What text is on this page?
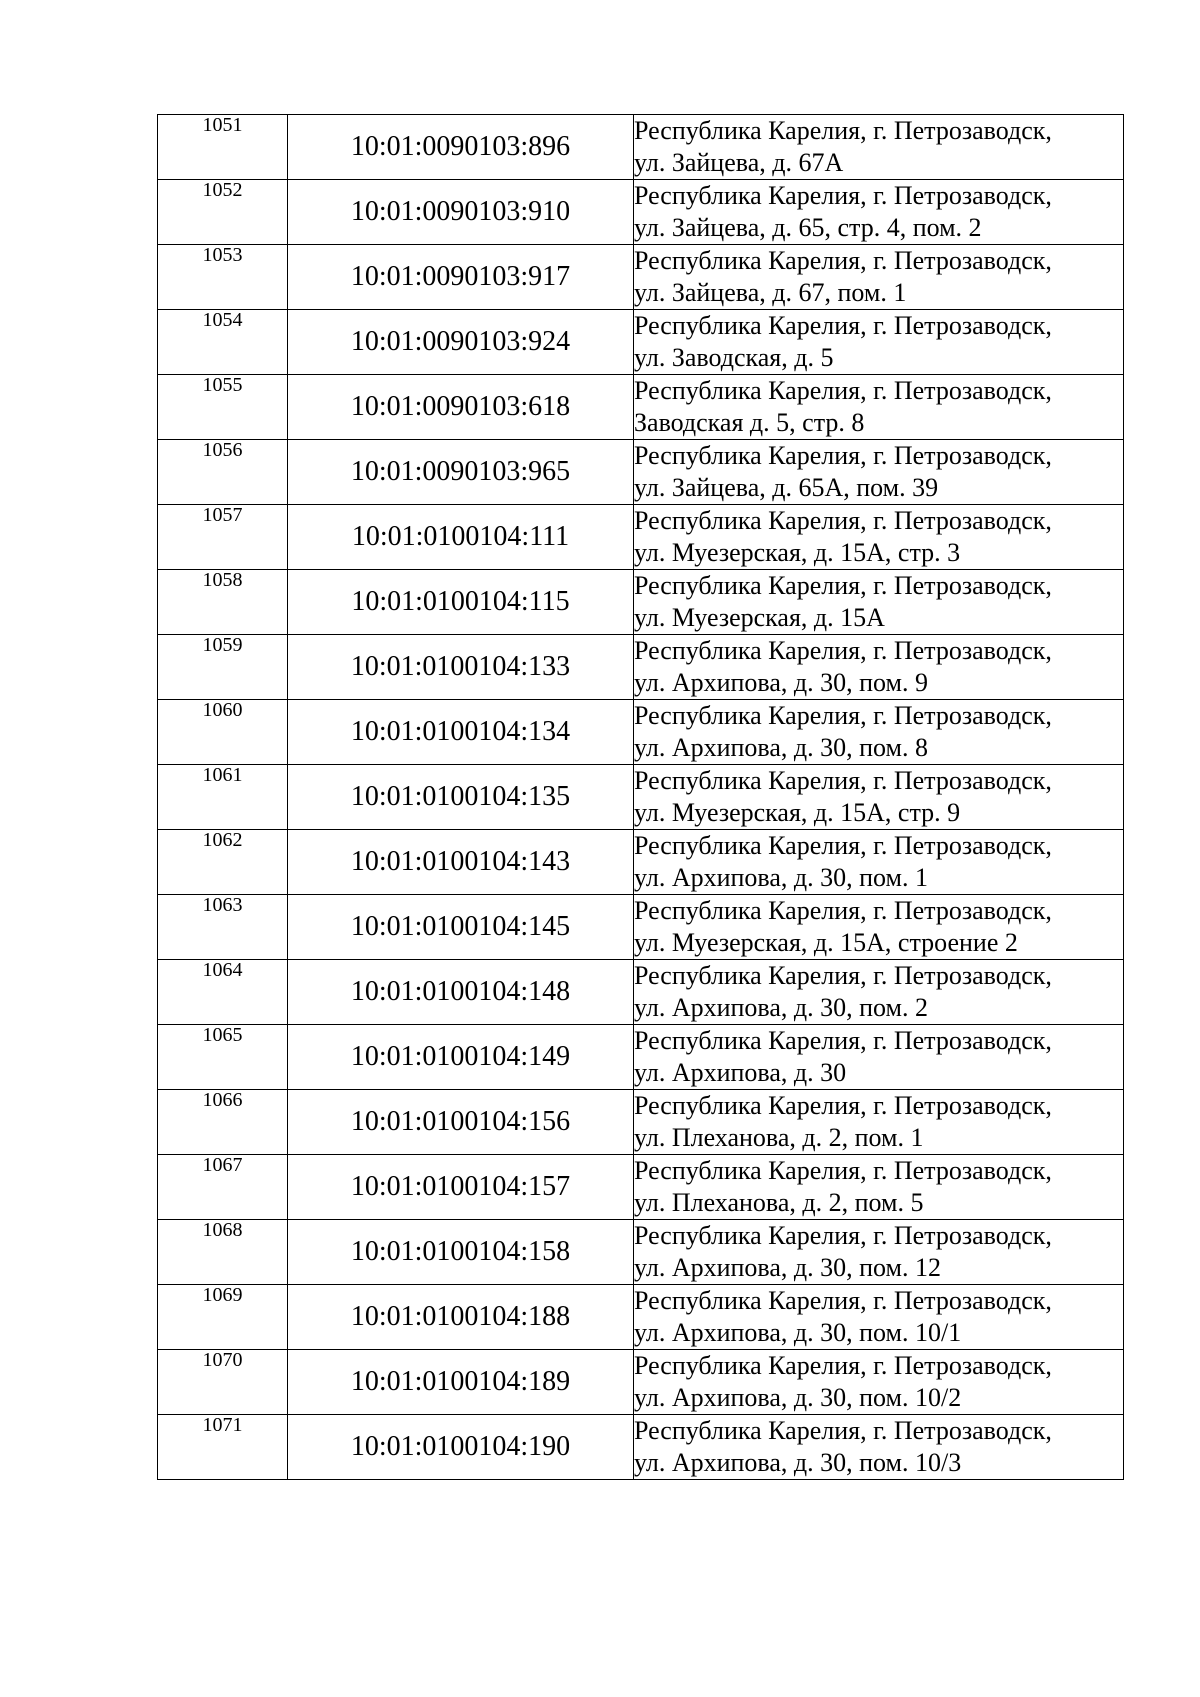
1051	10:01:0090103:896	Республика Карелия, г. Петрозаводск,
ул. Зайцева, д. 67А

1052	10:01:0090103:910	Республика Карелия, г. Петрозаводск,
ул. Зайцева, д. 65, стр. 4, пом. 2

1053	10:01:0090103:917	Республика Карелия, г. Петрозаводск,
ул. Зайцева, д. 67, пом. 1

1054	10:01:0090103:924	Республика Карелия, г. Петрозаводск,
ул. Заводская, д. 5

1055	10:01:0090103:618	Республика Карелия, г. Петрозаводск,
Заводская д. 5, стр. 8

1056	10:01:0090103:965	Республика Карелия, г. Петрозаводск,
ул. Зайцева, д. 65А, пом. 39

1057	10:01:0100104:111	Республика Карелия, г. Петрозаводск,
ул. Муезерская, д. 15А, стр. 3

1058	10:01:0100104:115	Республика Карелия, г. Петрозаводск,
ул. Муезерская, д. 15А

1059	10:01:0100104:133	Республика Карелия, г. Петрозаводск,
ул. Архипова, д. 30, пом. 9

1060	10:01:0100104:134	Республика Карелия, г. Петрозаводск,
ул. Архипова, д. 30, пом. 8

1061	10:01:0100104:135	Республика Карелия, г. Петрозаводск,
ул. Муезерская, д. 15А, стр. 9

1062	10:01:0100104:143	Республика Карелия, г. Петрозаводск,
ул. Архипова, д. 30, пом. 1

1063	10:01:0100104:145	Республика Карелия, г. Петрозаводск,
ул. Муезерская, д. 15А, строение 2

1064	10:01:0100104:148	Республика Карелия, г. Петрозаводск,
ул. Архипова, д. 30, пом. 2

1065	10:01:0100104:149	Республика Карелия, г. Петрозаводск,
ул. Архипова, д. 30

1066	10:01:0100104:156	Республика Карелия, г. Петрозаводск,
ул. Плеханова, д. 2, пом. 1

1067	10:01:0100104:157	Республика Карелия, г. Петрозаводск,
ул. Плеханова, д. 2, пом. 5

1068	10:01:0100104:158	Республика Карелия, г. Петрозаводск,
ул. Архипова, д. 30, пом. 12

1069	10:01:0100104:188	Республика Карелия, г. Петрозаводск,
ул. Архипова, д. 30, пом. 10/1

1070	10:01:0100104:189	Республика Карелия, г. Петрозаводск,
ул. Архипова, д. 30, пом. 10/2

1071	10:01:0100104:190	Республика Карелия, г. Петрозаводск,
ул. Архипова, д. 30, пом. 10/3
